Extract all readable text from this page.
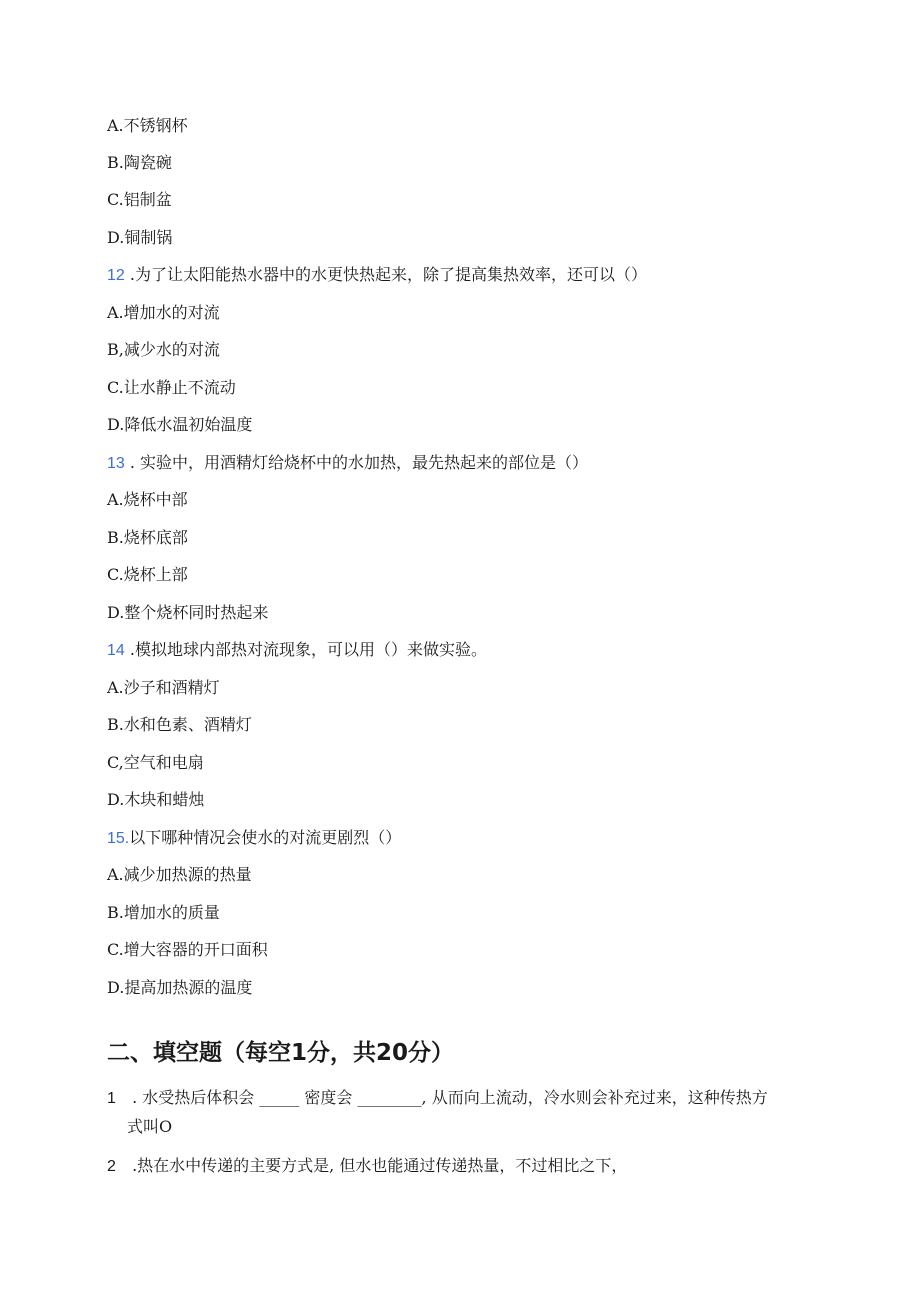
A.不锈钢杯
B.陶瓷碗
C.铝制盆
D.铜制锅
12 .为了让太阳能热水器中的水更快热起来，除了提高集热效率，还可以（）
A.增加水的对流
B,减少水的对流
C.让水静止不流动
D.降低水温初始温度
13 . 实验中，用酒精灯给烧杯中的水加热，最先热起来的部位是（）
A.烧杯中部
B.烧杯底部
C.烧杯上部
D.整个烧杯同时热起来
14 .模拟地球内部热对流现象，可以用（）来做实验。
A.沙子和酒精灯
B.水和色素、酒精灯
C,空气和电扇
D.木块和蜡烛
15.以下哪种情况会使水的对流更剧烈（）
A.减少加热源的热量
B.增加水的质量
C.增大容器的开口面积
D.提高加热源的温度
二、填空题（每空1分，共20分）
1 . 水受热后体积会 _____ 密度会 ________, 从而向上流动，冷水则会补充过来，这种传热方
式叫O
2 .热在水中传递的主要方式是, 但水也能通过传递热量，不过相比之下，
